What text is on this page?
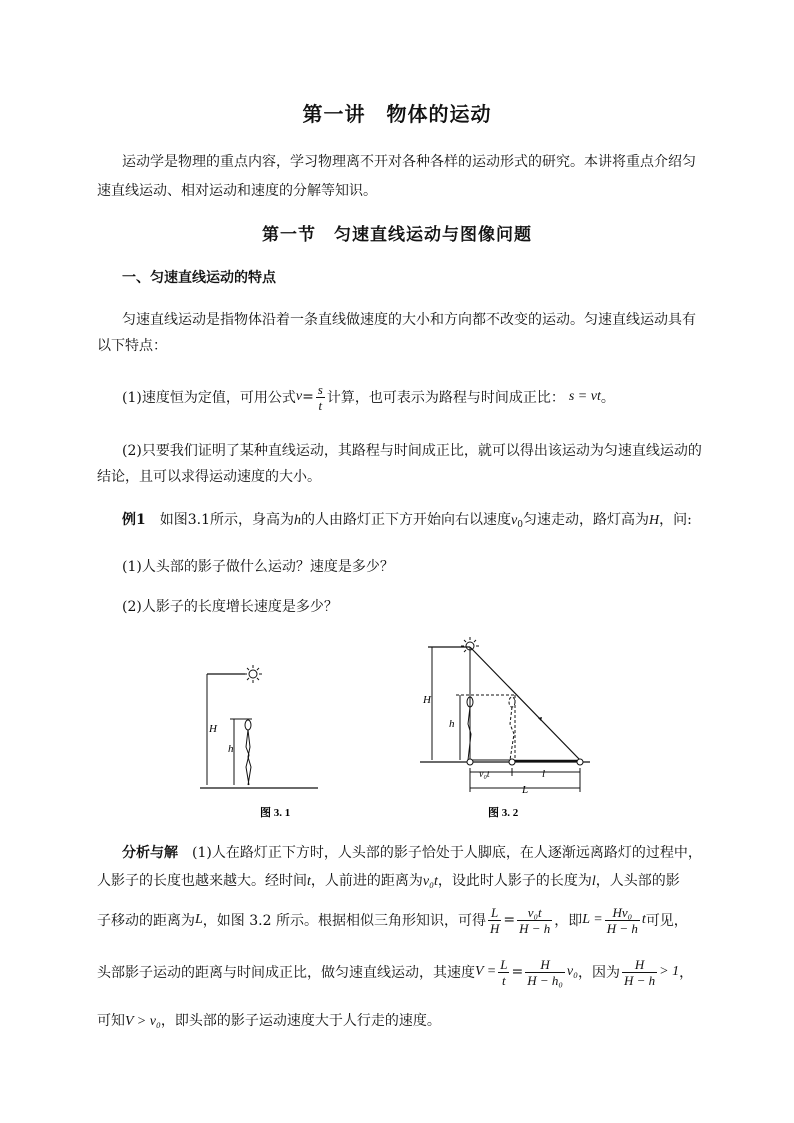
第一讲　物体的运动
运动学是物理的重点内容，学习物理离不开对各种各样的运动形式的研究。本讲将重点介绍匀
速直线运动、相对运动和速度的分解等知识。
第一节　匀速直线运动与图像问题
一、匀速直线运动的特点
匀速直线运动是指物体沿着一条直线做速度的大小和方向都不改变的运动。匀速直线运动具有
以下特点：
(1)速度恒为定值，可用公式 $v = \frac{s}{t}$ 计算，也可表示为路程与时间成正比： s = vt 。
(2)只要我们证明了某种直线运动，其路程与时间成正比，就可以得出该运动为匀速直线运动的
结论，且可以求得运动速度的大小。
例1　如图3.1所示，身高为h的人由路灯正下方开始向右以速度$v_0$匀速走动，路灯高为H，问:
(1)人头部的影子做什么运动？速度是多少？
(2)人影子的长度增长速度是多少？
H
h
图 3. 1
H
h
v₀t	l
L
图 3. 2
分析与解　(1)人在路灯正下方时，人头部的影子恰处于人脚底，在人逐渐远离路灯的过程中，
人影子的长度也越来越大。经时间t，人前进的距离为v₀t，设此时人影子的长度为l，人头部的影
子移动的距离为 L ，如图 3.2 所示。根据相似三角形知识，可得 $\frac{L}{H} = \frac{\text{v₀t}}{H - h}$ ，即 $L = \frac{\text{Hv₀}}{H - h}$ t 可见，
头部影子运动的距离与时间成正比，做匀速直线运动，其速度 $V = \frac{L}{t} = \frac{H}{\text{H − h₀}} v_0$ ，因为 $\frac{H}{H - h} > 1$ ，
可知V > v₀，即头部的影子运动速度大于人行走的速度。
